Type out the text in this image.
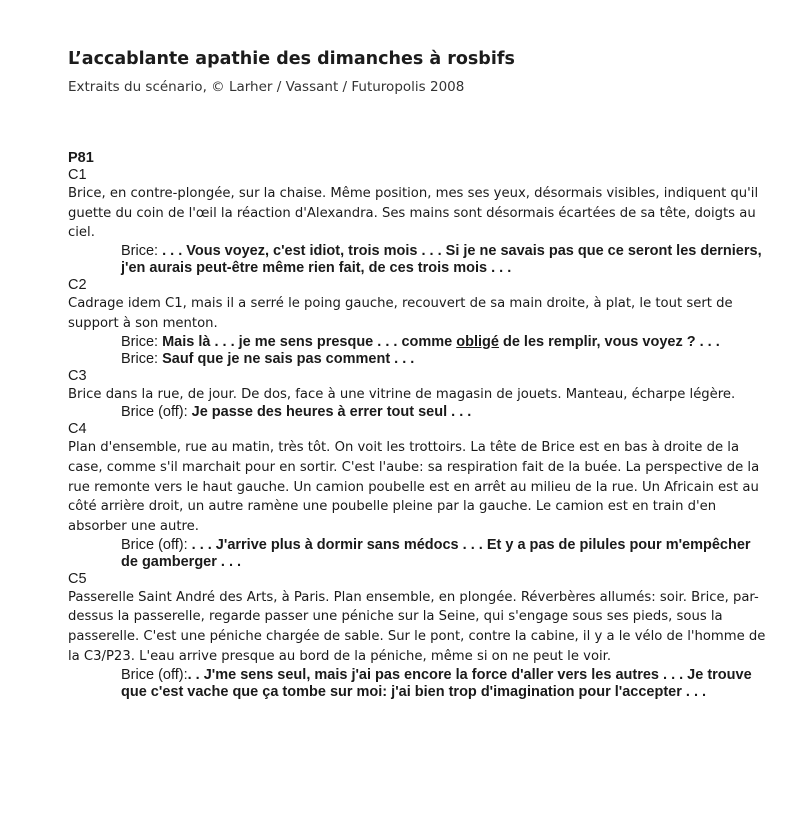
L’accablante apathie des dimanches à rosbifs
Extraits du scénario, © Larher / Vassant / Futuropolis 2008
P81
C1

Brice, en contre-plongée, sur la chaise. Même position, mes ses yeux, désormais visibles, indiquent qu'il guette du coin de l'œil la réaction d'Alexandra. Ses mains sont désormais écartées de sa tête, doigts au ciel.

Brice: . . . Vous voyez, c'est idiot, trois mois . . . Si je ne savais pas que ce seront les derniers, j'en aurais peut-être même rien fait, de ces trois mois . . .

C2

Cadrage idem C1, mais il a serré le poing gauche, recouvert de sa main droite, à plat, le tout sert de support à son menton.

Brice: Mais là . . . je me sens presque . . . comme obligé de les remplir, vous voyez ? . . .

Brice: Sauf que je ne sais pas comment . . .

C3

Brice dans la rue, de jour. De dos, face à une vitrine de magasin de jouets. Manteau, écharpe légère.

Brice (off): Je passe des heures à errer tout seul . . .

C4

Plan d'ensemble, rue au matin, très tôt. On voit les trottoirs. La tête de Brice est en bas à droite de la case, comme s'il marchait pour en sortir. C'est l'aube: sa respiration fait de la buée. La perspective de la rue remonte vers le haut gauche. Un camion poubelle est en arrêt au milieu de la rue. Un Africain est au côté arrière droit, un autre ramène une poubelle pleine par la gauche. Le camion est en train d'en absorber une autre.

Brice (off): . . . J'arrive plus à dormir sans médocs . . . Et y a pas de pilules pour m'empêcher de gamberger . . .

C5

Passerelle Saint André des Arts, à Paris. Plan ensemble, en plongée. Réverbères allumés: soir. Brice, par-dessus la passerelle, regarde passer une péniche sur la Seine, qui s'engage sous ses pieds, sous la passerelle. C'est une péniche chargée de sable. Sur le pont, contre la cabine, il y a le vélo de l'homme de la C3/P23. L'eau arrive presque au bord de la péniche, même si on ne peut le voir.

Brice (off):. . J'me sens seul, mais j'ai pas encore la force d'aller vers les autres . . . Je trouve que c'est vache que ça tombe sur moi: j'ai bien trop d'imagination pour l'accepter . . .
